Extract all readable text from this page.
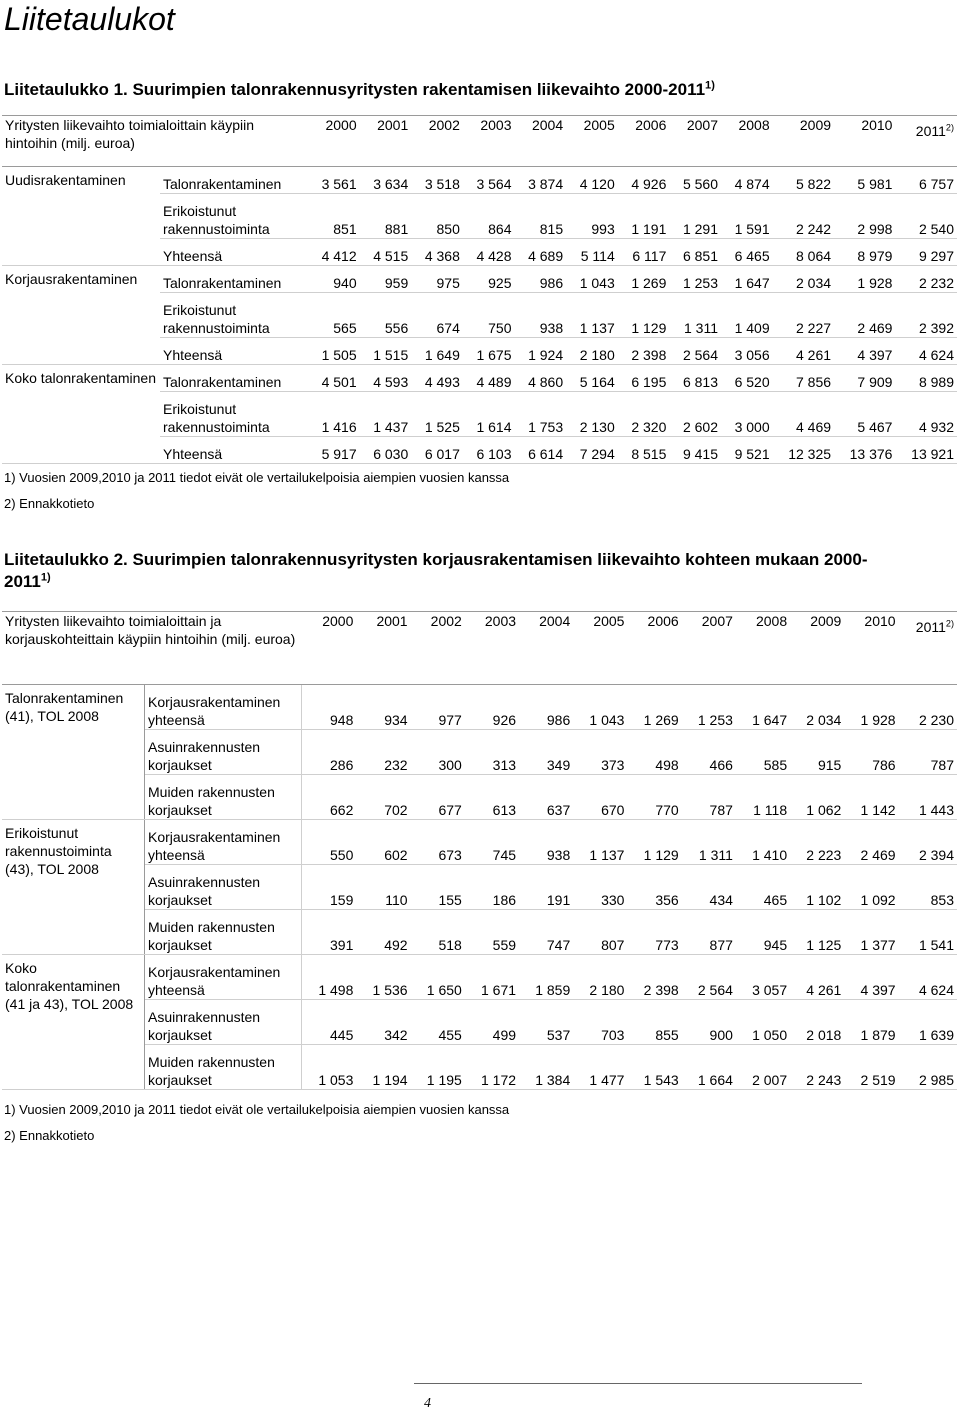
Liitetaulukot
Liitetaulukko 1. Suurimpien talonrakennusyritysten rakentamisen liikevaihto 2000-2011$^{1)}$
Yritysten liikevaihto toimialoittain käypiin hintoihin (milj. euroa)		2000	2001	2002	2003	2004	2005	2006	2007	2008	2009	2010	2011$^{2)}$
Uudisrakentaminen	Talonrakentaminen	3 561	3 634	3 518	3 564	3 874	4 120	4 926	5 560	4 874	5 822	5 981	6 757
	Erikoistunut rakennustoiminta	851	881	850	864	815	993	1 191	1 291	1 591	2 242	2 998	2 540
	Yhteensä	4 412	4 515	4 368	4 428	4 689	5 114	6 117	6 851	6 465	8 064	8 979	9 297
Korjausrakentaminen	Talonrakentaminen	940	959	975	925	986	1 043	1 269	1 253	1 647	2 034	1 928	2 232
	Erikoistunut rakennustoiminta	565	556	674	750	938	1 137	1 129	1 311	1 409	2 227	2 469	2 392
	Yhteensä	1 505	1 515	1 649	1 675	1 924	2 180	2 398	2 564	3 056	4 261	4 397	4 624
Koko talonrakentaminen	Talonrakentaminen	4 501	4 593	4 493	4 489	4 860	5 164	6 195	6 813	6 520	7 856	7 909	8 989
	Erikoistunut rakennustoiminta	1 416	1 437	1 525	1 614	1 753	2 130	2 320	2 602	3 000	4 469	5 467	4 932
	Yhteensä	5 917	6 030	6 017	6 103	6 614	7 294	8 515	9 415	9 521	12 325	13 376	13 921
1) Vuosien 2009,2010 ja 2011 tiedot eivät ole vertailukelpoisia aiempien vuosien kanssa
2) Ennakkotieto
Liitetaulukko 2. Suurimpien talonrakennusyritysten korjausrakentamisen liikevaihto kohteen mukaan 2000-2011$^{1)}$
Yritysten liikevaihto toimialoittain ja korjauskohteittain käypiin hintoihin (milj. euroa)		2000	2001	2002	2003	2004	2005	2006	2007	2008	2009	2010	2011$^{2)}$
Talonrakentaminen (41), TOL 2008	Korjausrakentaminen yhteensä	948	934	977	926	986	1 043	1 269	1 253	1 647	2 034	1 928	2 230
	Asuinrakennusten korjaukset	286	232	300	313	349	373	498	466	585	915	786	787
	Muiden rakennusten korjaukset	662	702	677	613	637	670	770	787	1 118	1 062	1 142	1 443
Erikoistunut rakennustoiminta (43), TOL 2008	Korjausrakentaminen yhteensä	550	602	673	745	938	1 137	1 129	1 311	1 410	2 223	2 469	2 394
	Asuinrakennusten korjaukset	159	110	155	186	191	330	356	434	465	1 102	1 092	853
	Muiden rakennusten korjaukset	391	492	518	559	747	807	773	877	945	1 125	1 377	1 541
Koko talonrakentaminen (41 ja 43), TOL 2008	Korjausrakentaminen yhteensä	1 498	1 536	1 650	1 671	1 859	2 180	2 398	2 564	3 057	4 261	4 397	4 624
	Asuinrakennusten korjaukset	445	342	455	499	537	703	855	900	1 050	2 018	1 879	1 639
	Muiden rakennusten korjaukset	1 053	1 194	1 195	1 172	1 384	1 477	1 543	1 664	2 007	2 243	2 519	2 985
1) Vuosien 2009,2010 ja 2011 tiedot eivät ole vertailukelpoisia aiempien vuosien kanssa
2) Ennakkotieto
4
